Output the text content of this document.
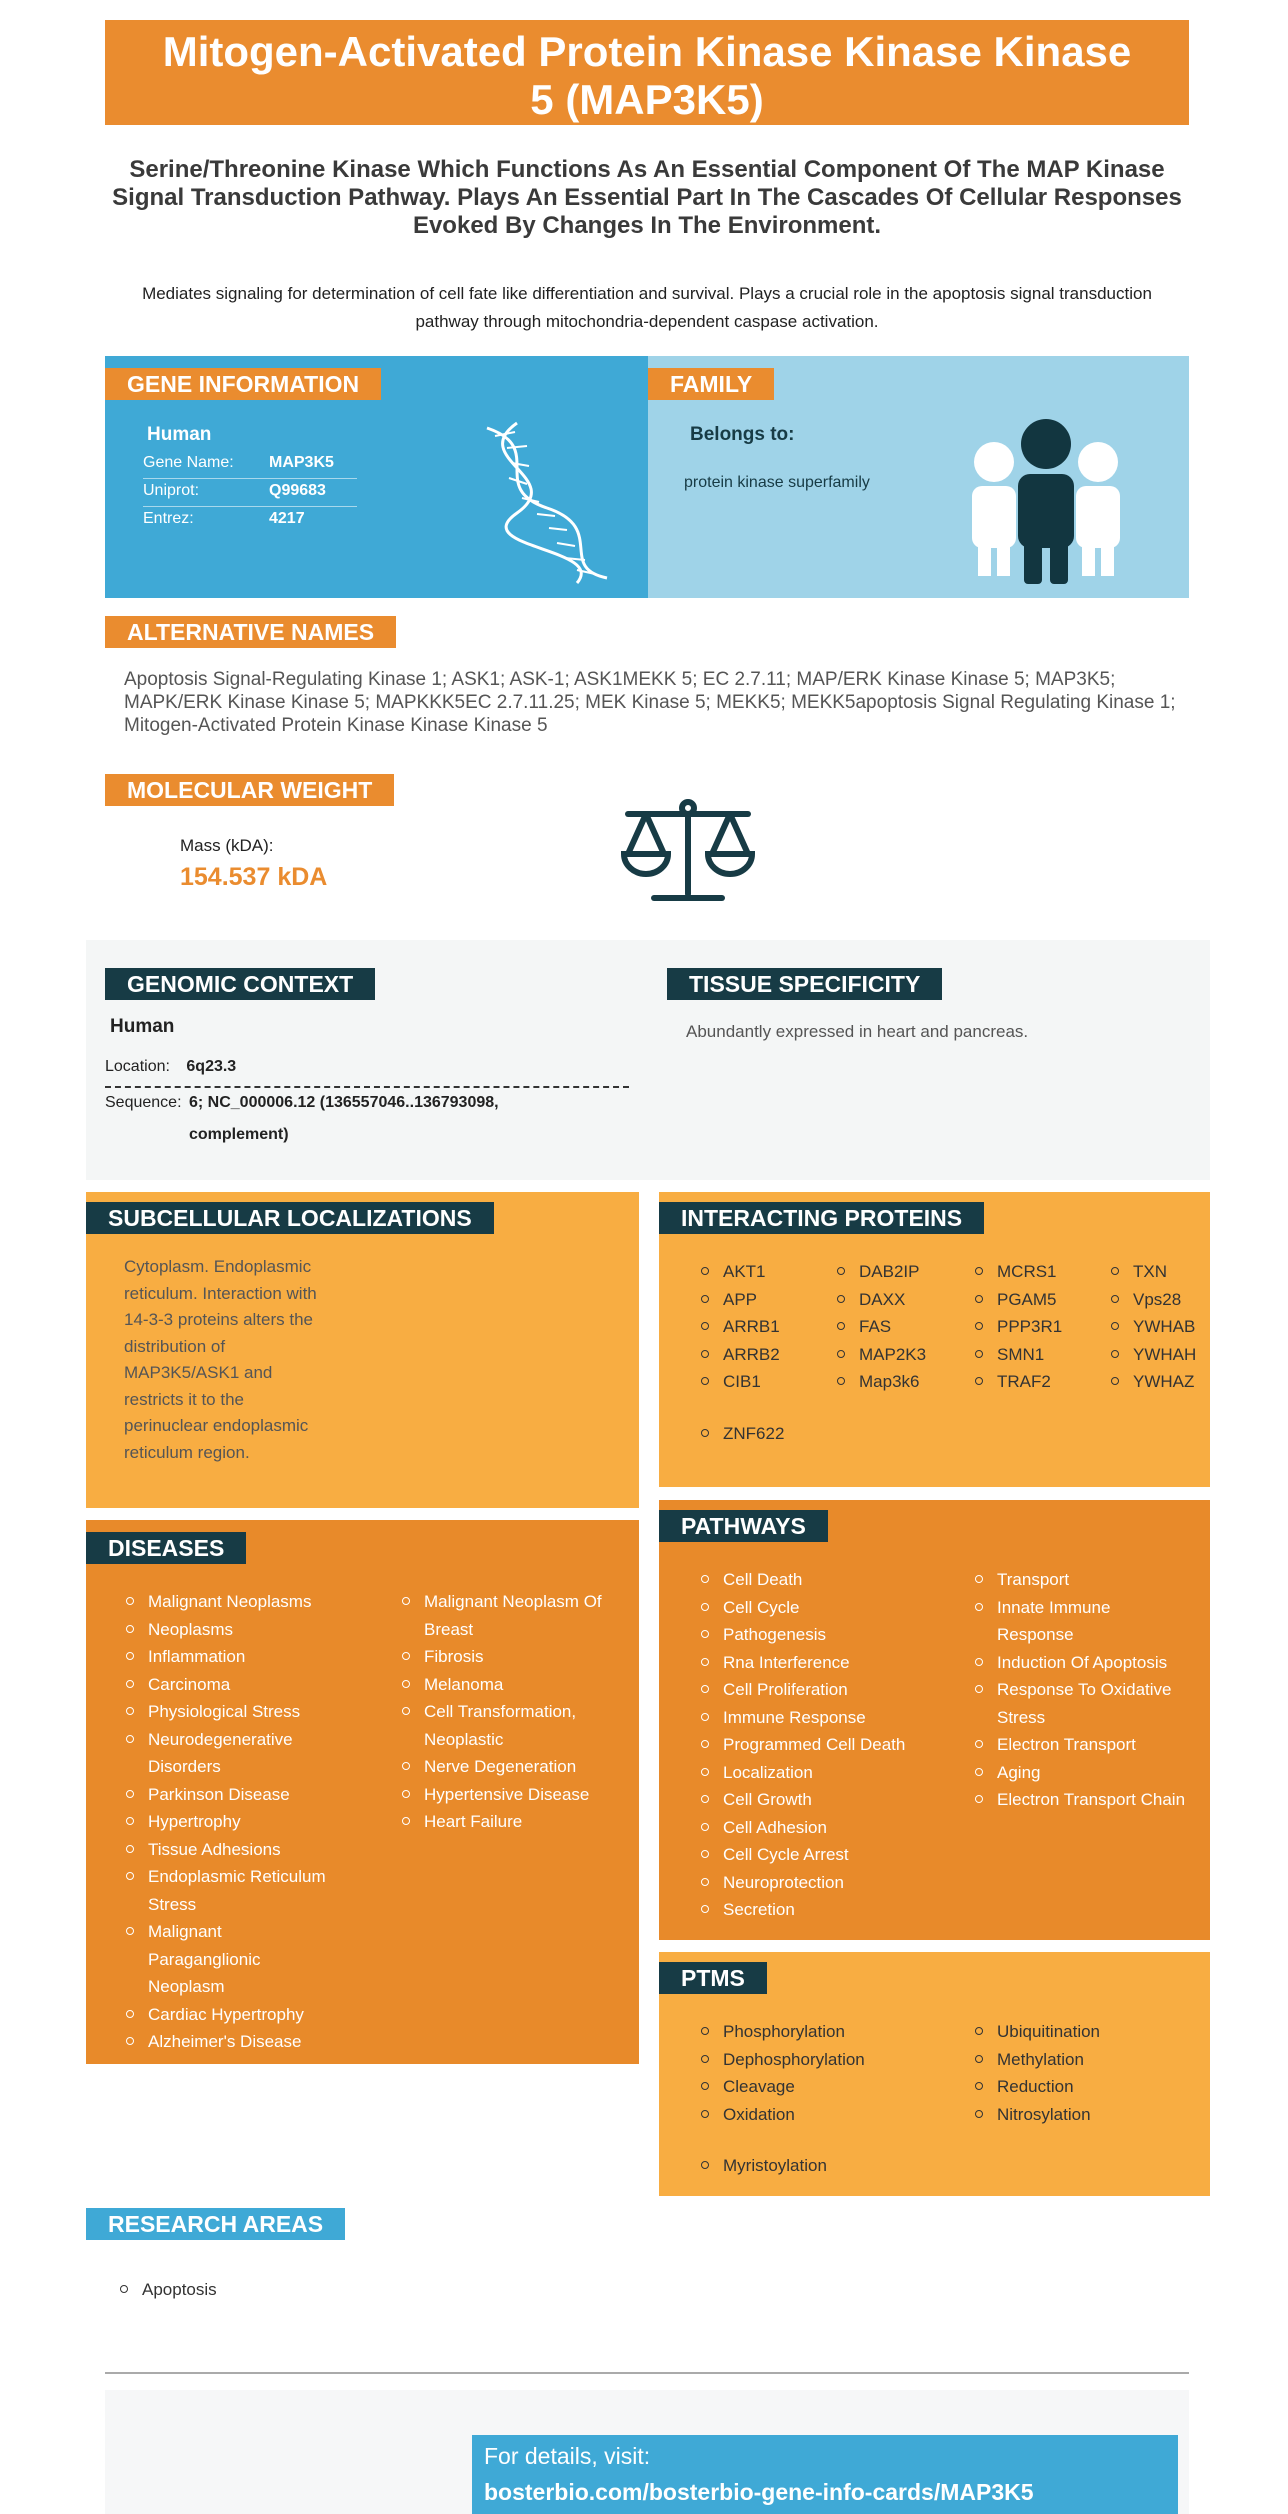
Mitogen-Activated Protein Kinase Kinase Kinase
5 (MAP3K5)
Serine/Threonine Kinase Which Functions As An Essential Component Of The MAP Kinase Signal Transduction Pathway. Plays An Essential Part In The Cascades Of Cellular Responses Evoked By Changes In The Environment.
Mediates signaling for determination of cell fate like differentiation and survival. Plays a crucial role in the apoptosis signal transduction pathway through mitochondria-dependent caspase activation.
GENE INFORMATION
Human
Gene Name: MAP3K5
Uniprot:	Q99683
Entrez:	4217
FAMILY
Belongs to:
protein kinase superfamily
ALTERNATIVE NAMES
Apoptosis Signal-Regulating Kinase 1; ASK1; ASK-1; ASK1MEKK 5; EC 2.7.11; MAP/ERK Kinase Kinase 5; MAP3K5; MAPK/ERK Kinase Kinase 5; MAPKKK5EC 2.7.11.25; MEK Kinase 5; MEKK5; MEKK5apoptosis Signal Regulating Kinase 1; Mitogen-Activated Protein Kinase Kinase Kinase 5
MOLECULAR WEIGHT
Mass (kDA):
154.537 kDA
GENOMIC CONTEXT
Human
Location: 6q23.3
Sequence: 6; NC_000006.12 (136557046..136793098,
complement)
TISSUE SPECIFICITY
Abundantly expressed in heart and pancreas.
SUBCELLULAR LOCALIZATIONS
Cytoplasm. Endoplasmic
reticulum. Interaction with
14-3-3 proteins alters the
distribution of
MAP3K5/ASK1 and
restricts it to the
perinuclear endoplasmic
reticulum region.
INTERACTING PROTEINS
AKT1
APP
ARRB1
ARRB2
CIB1
DAB2IP
DAXX
FAS
MAP2K3
Map3k6
MCRS1
PGAM5
PPP3R1
SMN1
TRAF2
TXN
Vps28
YWHAB
YWHAH
YWHAZ
ZNF622
DISEASES
Malignant Neoplasms
Neoplasms
Inflammation
Carcinoma
Physiological Stress
Neurodegenerative
Disorders
Parkinson Disease
Hypertrophy
Tissue Adhesions
Endoplasmic Reticulum
Stress
Malignant
Paraganglionic
Neoplasm
Cardiac Hypertrophy
Alzheimer's Disease
Malignant Neoplasm Of
Breast
Fibrosis
Melanoma
Cell Transformation,
Neoplastic
Nerve Degeneration
Hypertensive Disease
Heart Failure
PATHWAYS
Cell Death
Cell Cycle
Pathogenesis
Rna Interference
Cell Proliferation
Immune Response
Programmed Cell Death
Localization
Cell Growth
Cell Adhesion
Cell Cycle Arrest
Neuroprotection
Secretion
Transport
Innate Immune
Response
Induction Of Apoptosis
Response To Oxidative
Stress
Electron Transport
Aging
Electron Transport Chain
PTMS
Phosphorylation
Dephosphorylation
Cleavage
Oxidation
Ubiquitination
Methylation
Reduction
Nitrosylation
Myristoylation
RESEARCH AREAS
Apoptosis
For details, visit:
bosterbio.com/bosterbio-gene-info-cards/MAP3K5
